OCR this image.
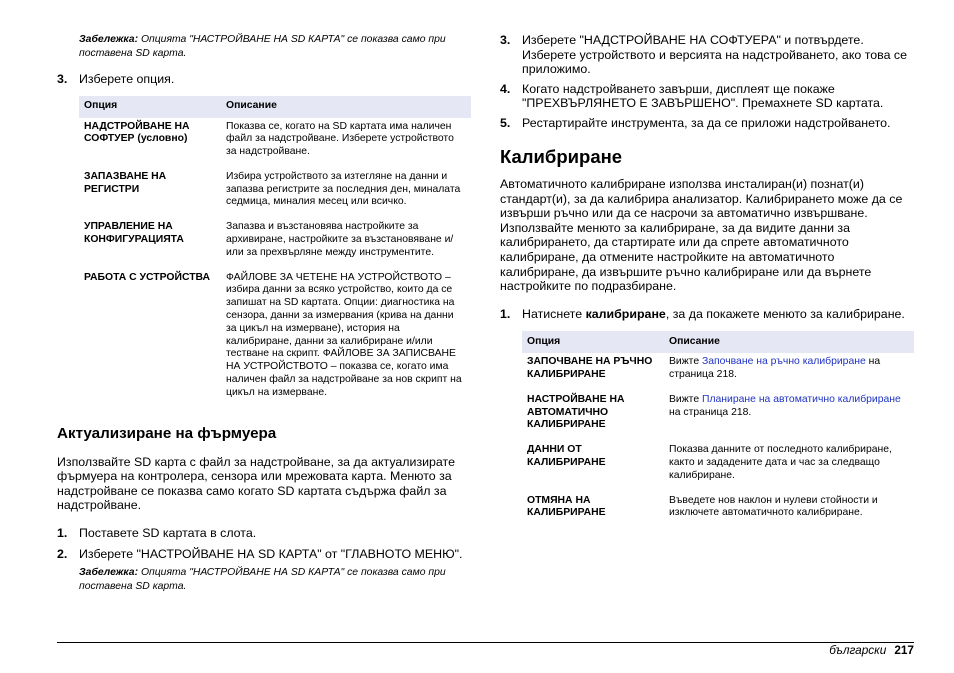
Забележка: Опцията "НАСТРОЙВАНЕ НА SD КАРТА" се показва само при поставена SD карта.
3. Изберете опция.
Опция	Описание
НАДСТРОЙВАНЕ НА СОФТУЕР (условно)	Показва се, когато на SD картата има наличен файл за надстройване. Изберете устройството за надстройване.
ЗАПАЗВАНЕ НА РЕГИСТРИ	Избира устройството за изтегляне на данни и запазва регистрите за последния ден, миналата седмица, миналия месец или всичко.
УПРАВЛЕНИЕ НА КОНФИГУРАЦИЯТА	Запазва и възстановява настройките за архивиране, настройките за възстановяване и/или за прехвърляне между инструментите.
РАБОТА С УСТРОЙСТВА	ФАЙЛОВЕ ЗА ЧЕТЕНЕ НА УСТРОЙСТВОТО – избира данни за всяко устройство, които да се запишат на SD картата. Опции: диагностика на сензора, данни за измервания (крива на данни за цикъл на измерване), история на калибриране, данни за калибриране и/или тестване на скрипт. ФАЙЛОВЕ ЗА ЗАПИСВАНЕ НА УСТРОЙСТВОТО – показва се, когато има наличен файл за надстройване за нов скрипт на цикъл на измерване.
Актуализиране на фърмуера

Използвайте SD карта с файл за надстройване, за да актуализирате фърмуера на контролера, сензора или мрежовата карта. Менюто за надстройване се показва само когато SD картата съдържа файл за надстройване.

1. Поставете SD картата в слота.
2. Изберете "НАСТРОЙВАНЕ НА SD КАРТА" от "ГЛАВНОТО МЕНЮ".
Забележка: Опцията "НАСТРОЙВАНЕ НА SD КАРТА" се показва само при поставена SD карта.
3. Изберете "НАДСТРОЙВАНЕ НА СОФТУЕРА" и потвърдете. Изберете устройството и версията на надстройването, ако това се приложимо.
4. Когато надстройването завърши, дисплеят ще покаже "ПРЕХВЪРЛЯНЕТО Е ЗАВЪРШЕНО". Премахнете SD картата.
5. Рестартирайте инструмента, за да се приложи надстройването.
Калибриране

Автоматичното калибриране използва инсталиран(и) познат(и) стандарт(и), за да калибрира анализатор. Калибрирането може да се извърши ръчно или да се насрочи за автоматично извършване. Използвайте менюто за калибриране, за да видите данни за калибрирането, да стартирате или да спрете автоматичното калибриране, да отмените настройките на автоматичното калибриране, да извършите ръчно калибриране или да върнете настройките по подразбиране.

1. Натиснете калибриране, за да покажете менюто за калибриране.
Опция	Описание
ЗАПОЧВАНЕ НА РЪЧНО КАЛИБРИРАНЕ	Вижте Започване на ръчно калибриране на страница 218.
НАСТРОЙВАНЕ НА АВТОМАТИЧНО КАЛИБРИРАНЕ	Вижте Планиране на автоматично калибриране на страница 218.
ДАННИ ОТ КАЛИБРИРАНЕ	Показва данните от последното калибриране, както и зададените дата и час за следващо калибриране.
ОТМЯНА НА КАЛИБРИРАНЕ	Въведете нов наклон и нулеви стойности и изключете автоматичното калибриране.
български 217
